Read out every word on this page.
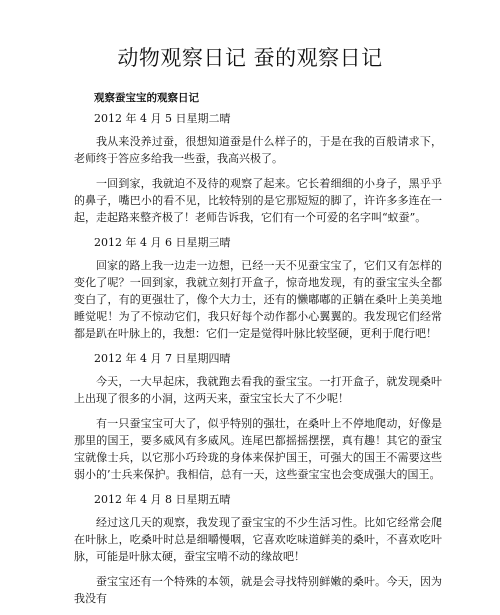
动物观察日记 蚕的观察日记
观察蚕宝宝的观察日记
2012 年 4 月 5 日星期二晴

我从来没养过蚕，很想知道蚕是什么样子的，于是在我的百般请求下，老师终于答应多给我一些蚕，我高兴极了。

一回到家，我就迫不及待的观察了起来。它长着细细的小身子，黑乎乎的鼻子，嘴巴小的看不见，比较特别的是它那短短的脚了，许许多多连在一起，走起路来整齐极了！老师告诉我，它们有一个可爱的名字叫“蚁蚕”。

2012 年 4 月 6 日星期三晴

回家的路上我一边走一边想，已经一天不见蚕宝宝了，它们又有怎样的变化了呢？一回到家，我就立刻打开盒子，惊奇地发现，有的蚕宝宝头全都变白了，有的更强壮了，像个大力士，还有的懒嘟嘟的正躺在桑叶上美美地睡觉呢！为了不惊动它们，我只好每个动作都小心翼翼的。我发现它们经常都是趴在叶脉上的，我想：它们一定是觉得叶脉比较坚硬，更利于爬行吧！

2012 年 4 月 7 日星期四晴

今天，一大早起床，我就跑去看我的蚕宝宝。一打开盒子，就发现桑叶上出现了很多的小洞，这两天来，蚕宝宝长大了不少呢！

有一只蚕宝宝可大了，似乎特别的强壮，在桑叶上不停地爬动，好像是那里的国王，要多威风有多威风。连尾巴都摇摇摆摆，真有趣！其它的蚕宝宝就像士兵，以它那小巧玲珑的身体来保护国王，可强大的国王不需要这些弱小的’士兵来保护。我相信，总有一天，这些蚕宝宝也会变成强大的国王。

2012 年 4 月 8 日星期五晴

经过这几天的观察，我发现了蚕宝宝的不少生活习性。比如它经常会爬在叶脉上，吃桑叶时总是细嚼慢咽，它喜欢吃味道鲜美的桑叶，不喜欢吃叶脉，可能是叶脉太硬，蚕宝宝啃不动的缘故吧！

蚕宝宝还有一个特殊的本领，就是会寻找特别鲜嫩的桑叶。今天，因为我没有
